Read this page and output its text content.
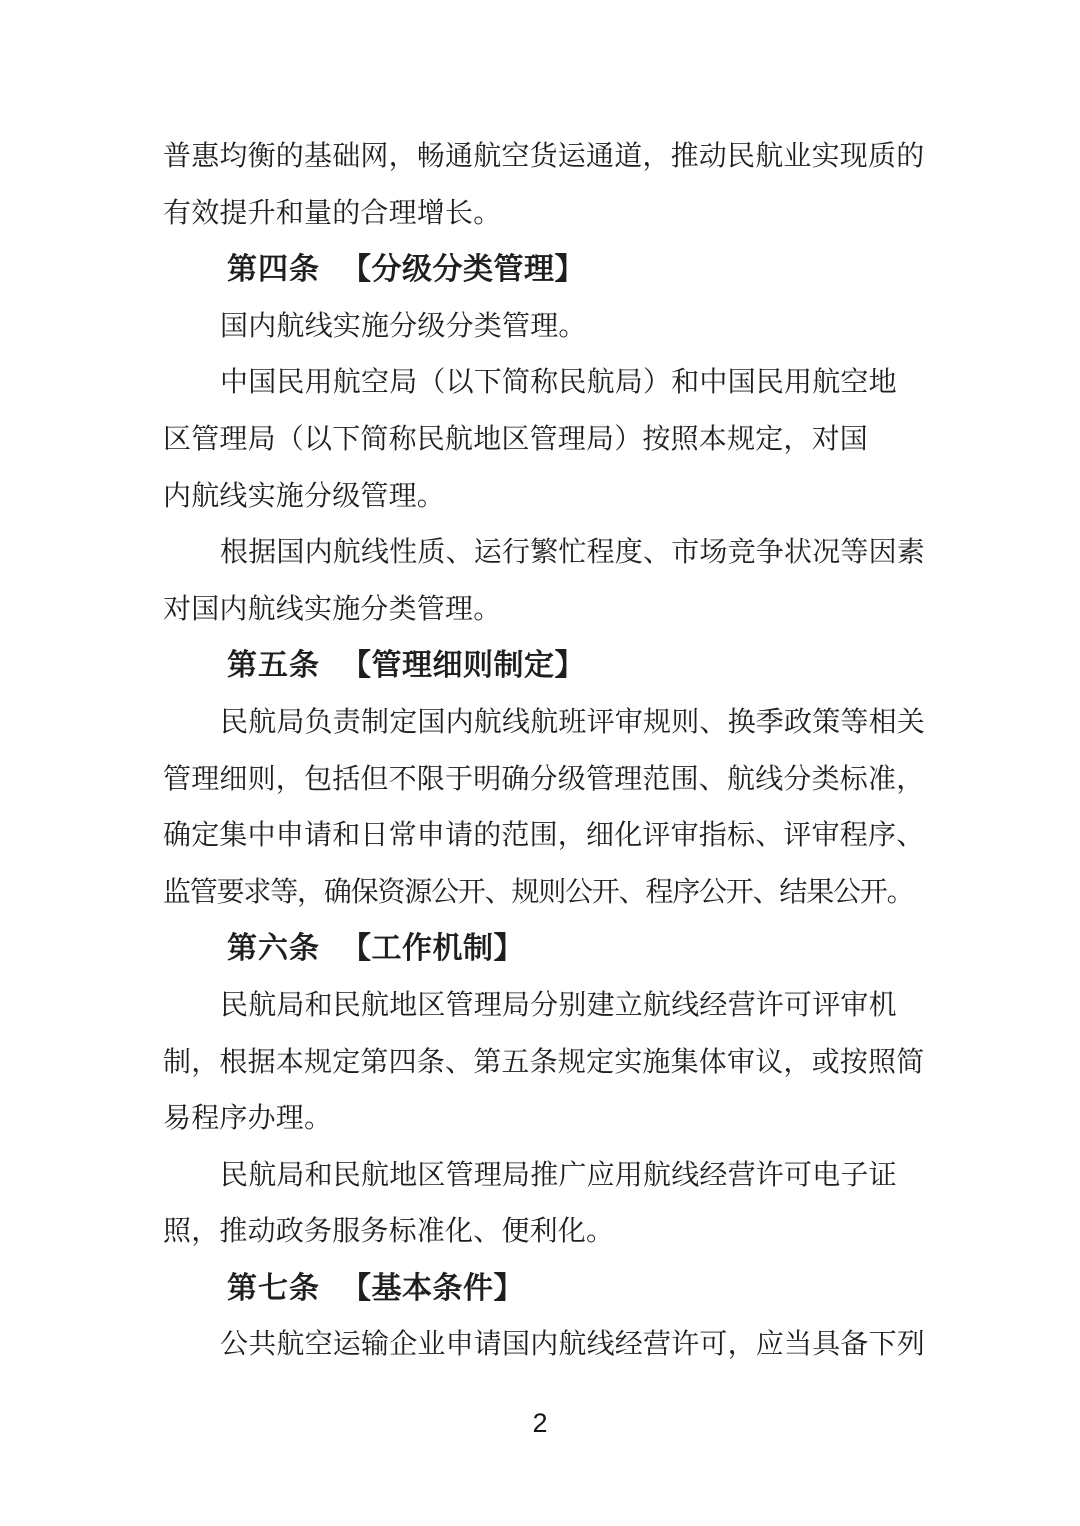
普惠均衡的基础网，畅通航空货运通道，推动民航业实现质的
有效提升和量的合理增长。
第四条 【分级分类管理】
国内航线实施分级分类管理。
中国民用航空局（以下简称民航局）和中国民用航空地
区管理局（以下简称民航地区管理局）按照本规定，对国
内航线实施分级管理。
根据国内航线性质、运行繁忙程度、市场竞争状况等因素
对国内航线实施分类管理。
第五条 【管理细则制定】
民航局负责制定国内航线航班评审规则、换季政策等相关
管理细则，包括但不限于明确分级管理范围、航线分类标准，
确定集中申请和日常申请的范围，细化评审指标、评审程序、
监管要求等，确保资源公开、规则公开、程序公开、结果公开。
第六条 【工作机制】
民航局和民航地区管理局分别建立航线经营许可评审机
制，根据本规定第四条、第五条规定实施集体审议，或按照简
易程序办理。
民航局和民航地区管理局推广应用航线经营许可电子证
照，推动政务服务标准化、便利化。
第七条 【基本条件】
公共航空运输企业申请国内航线经营许可，应当具备下列
2
